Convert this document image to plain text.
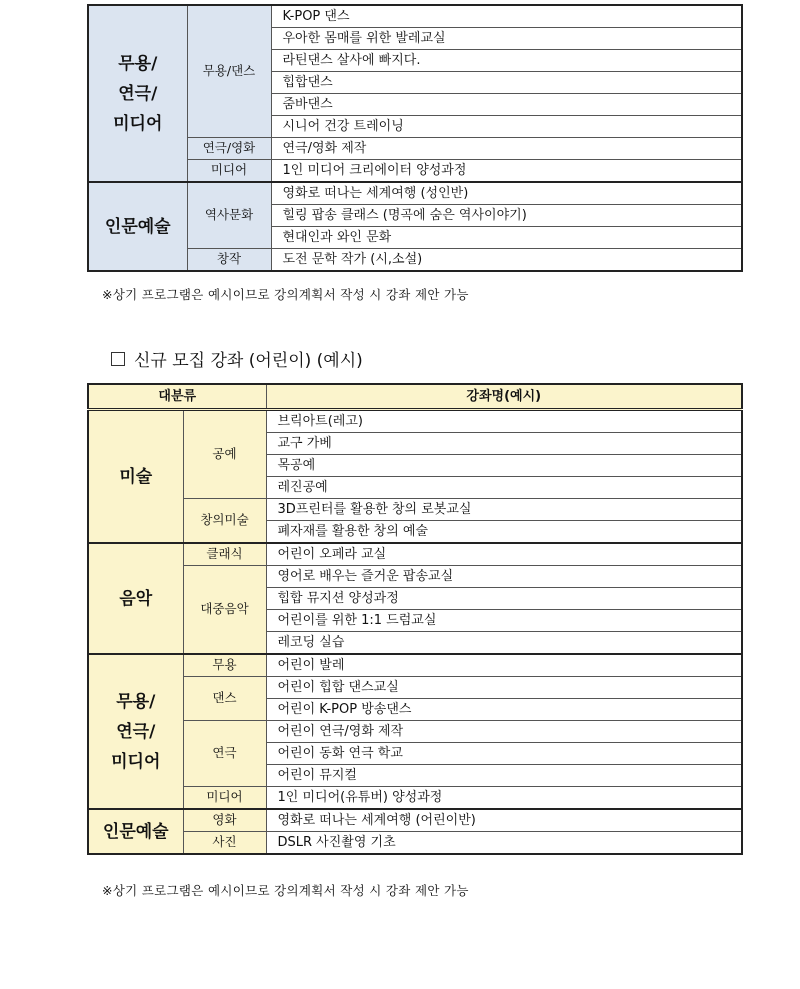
무용/
연극/
미디어	무용/댄스	K-POP 댄스
		우아한 몸매를 위한 발레교실
		라틴댄스 살사에 빠지다.
		힙합댄스
		줌바댄스
		시니어 건강 트레이닝
	연극/영화	연극/영화 제작
	미디어	1인 미디어 크리에이터 양성과정
인문예술	역사문화	영화로 떠나는 세계여행 (성인반)
		힐링 팝송 클래스 (명곡에 숨은 역사이야기)
		현대인과 와인 문화
	창작	도전 문학 작가 (시,소설)
※상기 프로그램은 예시이므로 강의계획서 작성 시 강좌 제안 가능
신규 모집 강좌 (어린이) (예시)
대분류		강좌명(예시)
미술	공예	브릭아트(레고)
		교구 가베
		목공예
		레진공예
	창의미술	3D프린터를 활용한 창의 로봇교실
		폐자재를 활용한 창의 예술
음악	클래식	어린이 오페라 교실
	대중음악	영어로 배우는 즐거운 팝송교실
		힙합 뮤지션 양성과정
		어린이를 위한 1:1 드럼교실
		레코딩 실습
무용/
연극/
미디어	무용	어린이 발레
	댄스	어린이 힙합 댄스교실
		어린이 K-POP 방송댄스
	연극	어린이 연극/영화 제작
		어린이 동화 연극 학교
		어린이 뮤지컬
	미디어	1인 미디어(유튜버) 양성과정
인문예술	영화	영화로 떠나는 세계여행 (어린이반)
	사진	DSLR 사진촬영 기초
※상기 프로그램은 예시이므로 강의계획서 작성 시 강좌 제안 가능
